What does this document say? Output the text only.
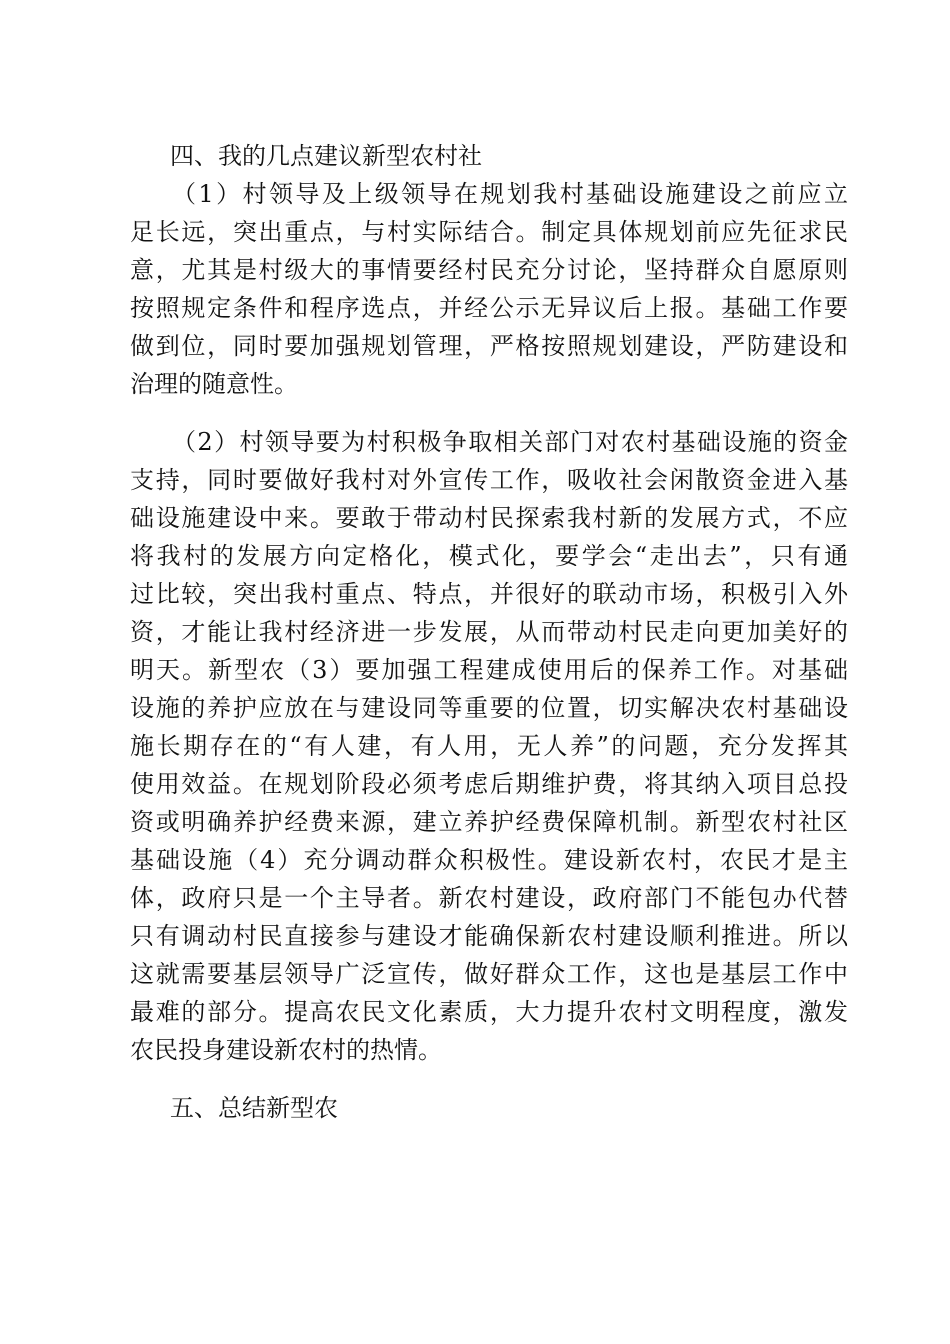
四、我的几点建议新型农村社
（1）村领导及上级领导在规划我村基础设施建设之前应立
足长远，突出重点，与村实际结合。制定具体规划前应先征求民
意，尤其是村级大的事情要经村民充分讨论，坚持群众自愿原则
按照规定条件和程序选点，并经公示无异议后上报。基础工作要
做到位，同时要加强规划管理，严格按照规划建设，严防建设和
治理的随意性。
（2）村领导要为村积极争取相关部门对农村基础设施的资金
支持，同时要做好我村对外宣传工作，吸收社会闲散资金进入基
础设施建设中来。要敢于带动村民探索我村新的发展方式，不应
将我村的发展方向定格化，模式化，要学会“走出去”，只有通
过比较，突出我村重点、特点，并很好的联动市场，积极引入外
资，才能让我村经济进一步发展，从而带动村民走向更加美好的
明天。新型农（3）要加强工程建成使用后的保养工作。对基础
设施的养护应放在与建设同等重要的位置，切实解决农村基础设
施长期存在的“有人建，有人用，无人养”的问题，充分发挥其
使用效益。在规划阶段必须考虑后期维护费，将其纳入项目总投
资或明确养护经费来源，建立养护经费保障机制。新型农村社区
基础设施（4）充分调动群众积极性。建设新农村，农民才是主
体，政府只是一个主导者。新农村建设，政府部门不能包办代替
只有调动村民直接参与建设才能确保新农村建设顺利推进。所以
这就需要基层领导广泛宣传，做好群众工作，这也是基层工作中
最难的部分。提高农民文化素质，大力提升农村文明程度，激发
农民投身建设新农村的热情。
五、总结新型农
